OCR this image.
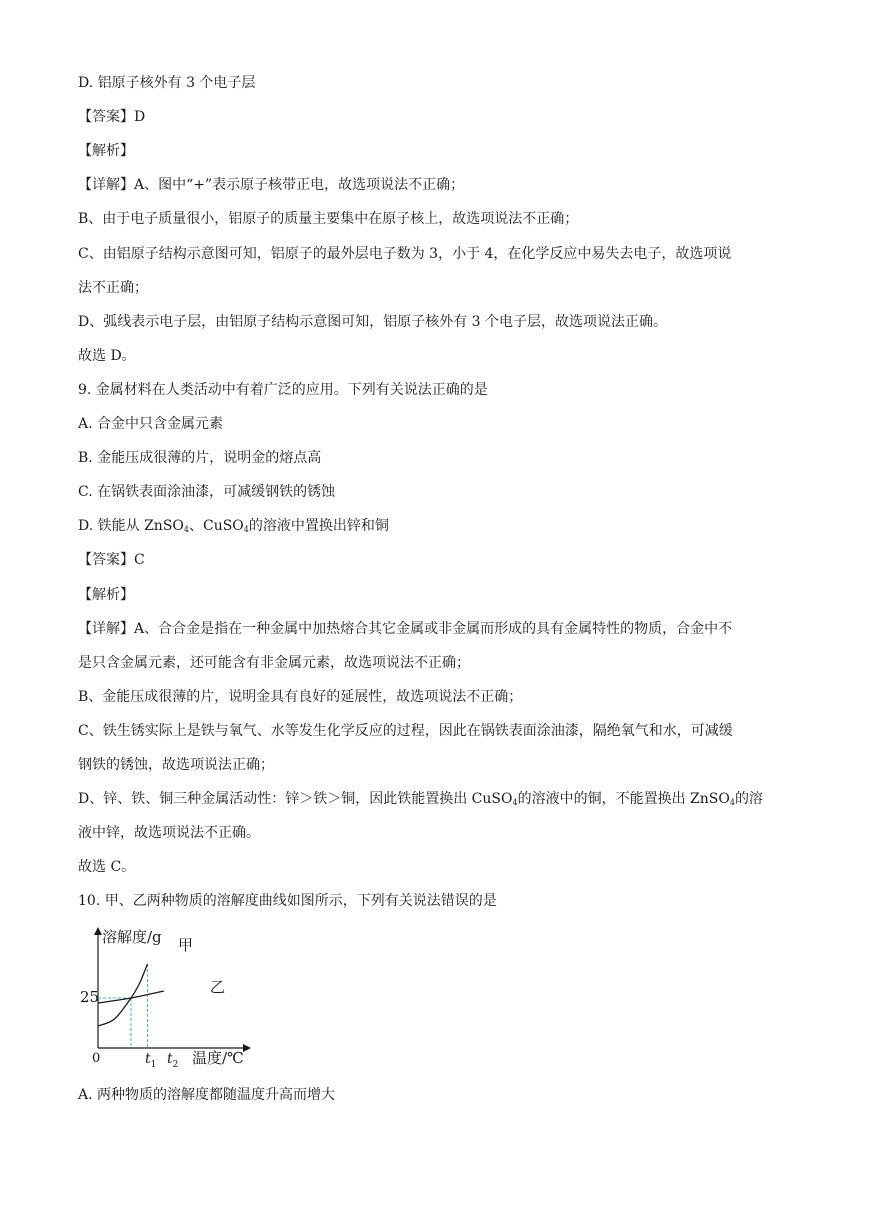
D. 铝原子核外有 3 个电子层
【答案】D
【解析】
【详解】A、图中“+”表示原子核带正电，故选项说法不正确；
B、由于电子质量很小，铝原子的质量主要集中在原子核上，故选项说法不正确；
C、由铝原子结构示意图可知，铝原子的最外层电子数为 3，小于 4，在化学反应中易失去电子，故选项说
法不正确；
D、弧线表示电子层，由铝原子结构示意图可知，铝原子核外有 3 个电子层，故选项说法正确。
故选 D。
9. 金属材料在人类活动中有着广泛的应用。下列有关说法正确的是
A. 合金中只含金属元素
B. 金能压成很薄的片，说明金的熔点高
C. 在锅铁表面涂油漆，可减缓钢铁的锈蚀
D. 铁能从 ZnSO$_4$、CuSO$_4$的溶液中置换出锌和铜
【答案】C
【解析】
【详解】A、合合金是指在一种金属中加热熔合其它金属或非金属而形成的具有金属特性的物质，合金中不
是只含金属元素，还可能含有非金属元素，故选项说法不正确；
B、金能压成很薄的片，说明金具有良好的延展性，故选项说法不正确；
C、铁生锈实际上是铁与氧气、水等发生化学反应的过程，因此在锅铁表面涂油漆，隔绝氧气和水，可减缓
钢铁的锈蚀，故选项说法正确；
D、锌、铁、铜三种金属活动性：锌＞铁＞铜，因此铁能置换出 CuSO$_4$的溶液中的铜，不能置换出 ZnSO$_4$的溶
液中锌，故选项说法不正确。
故选 C。
10. 甲、乙两种物质的溶解度曲线如图所示，下列有关说法错误的是
溶解度/g
温度/℃
0
25
$t_1$ $t_2$
甲
乙
A. 两种物质的溶解度都随温度升高而增大
